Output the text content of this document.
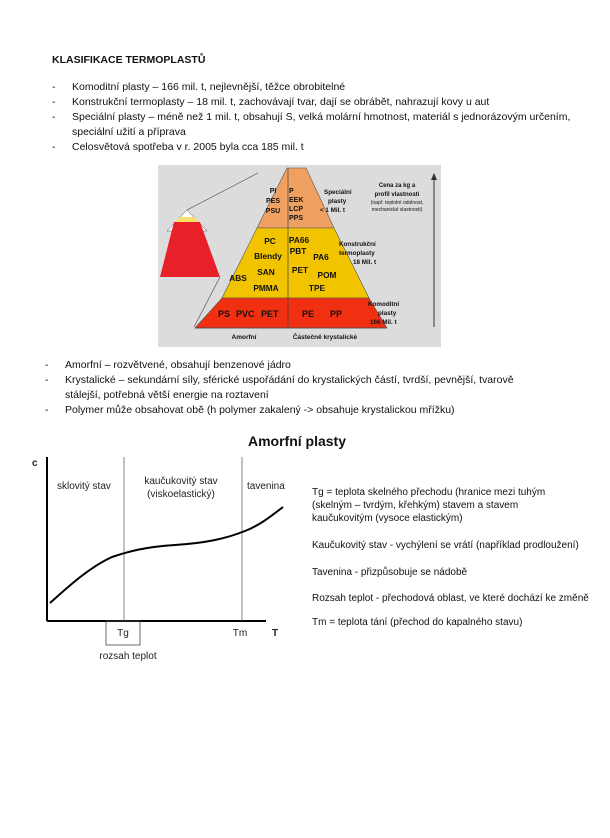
KLASIFIKACE TERMOPLASTŮ
- Komoditní plasty – 166 mil. t, nejlevnější, těžce obrobitelné
- Konstrukční termoplasty – 18 mil. t, zachovávají tvar, dají se obrábět, nahrazují kovy u aut
- Speciální plasty – méně než 1 mil. t, obsahují S, velká molární hmotnost, materiál s jednorázovým určením, speciální užití a příprava
- Celosvětová spotřeba v r. 2005 byla cca 185 mil. t
PI
PES
PSU
P
EEK
LCP
PPS
Speciální
plasty
< 1 Mil. t
PC
Blendy
ABS
SAN
PMMA
PA66
PBT
PA6
PET POM
TPE
Konstrukční
termoplasty
18 Mil. t
PS PVC PET	PE PP
Komoditní
plasty
166 Mil. t
Amorfní	Částečně krystalické
Cena za kg a
profil vlastností
(např. teplotní odolnost,
mechanické vlastnosti)
- Amorfní – rozvětvené, obsahují benzenové jádro
- Krystalické – sekundární síly, sférické uspořádání do krystalických částí, tvrdší, pevnější, tvarově stálejší, potřebná větší energie na roztavení
- Polymer může obsahovat obě (h polymer zakalený -> obsahuje krystalickou mřížku)
Amorfní plasty
c
T
sklovitý stav	kaučukovitý stav
(viskoelastický)
tavenina
Tg	Tm
rozsah teplot
Tg = teplota skelného přechodu (hranice mezi tuhým (skelným – tvrdým, křehkým) stavem a stavem kaučukovitým (vysoce elastickým)
Kaučukovitý stav - vychýlení se vrátí (například prodloužení)
Tavenina - přizpůsobuje se nádobě
Rozsah teplot - přechodová oblast, ve které dochází ke změně
Tm = teplota tání (přechod do kapalného stavu)
